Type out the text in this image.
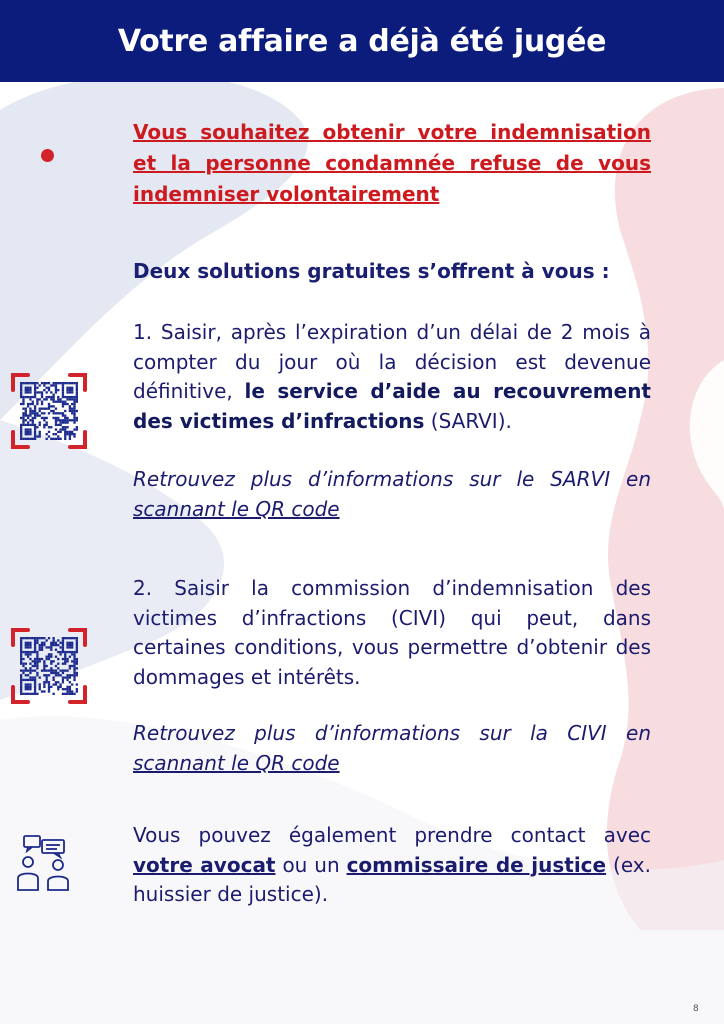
Votre affaire a déjà été jugée
Vous souhaitez obtenir votre indemnisation et la personne condamnée refuse de vous indemniser volontairement
Deux solutions gratuites s’offrent à vous :
1. Saisir, après l’expiration d’un délai de 2 mois à compter du jour où la décision est devenue définitive, le service d’aide au recouvrement des victimes d’infractions (SARVI).
Retrouvez plus d’informations sur le SARVI en scannant le QR code
2. Saisir la commission d’indemnisation des victimes d’infractions (CIVI) qui peut, dans certaines conditions, vous permettre d’obtenir des dommages et intérêts.
Retrouvez plus d’informations sur la CIVI en scannant le QR code
Vous pouvez également prendre contact avec votre avocat ou un commissaire de justice (ex. huissier de justice).
8
